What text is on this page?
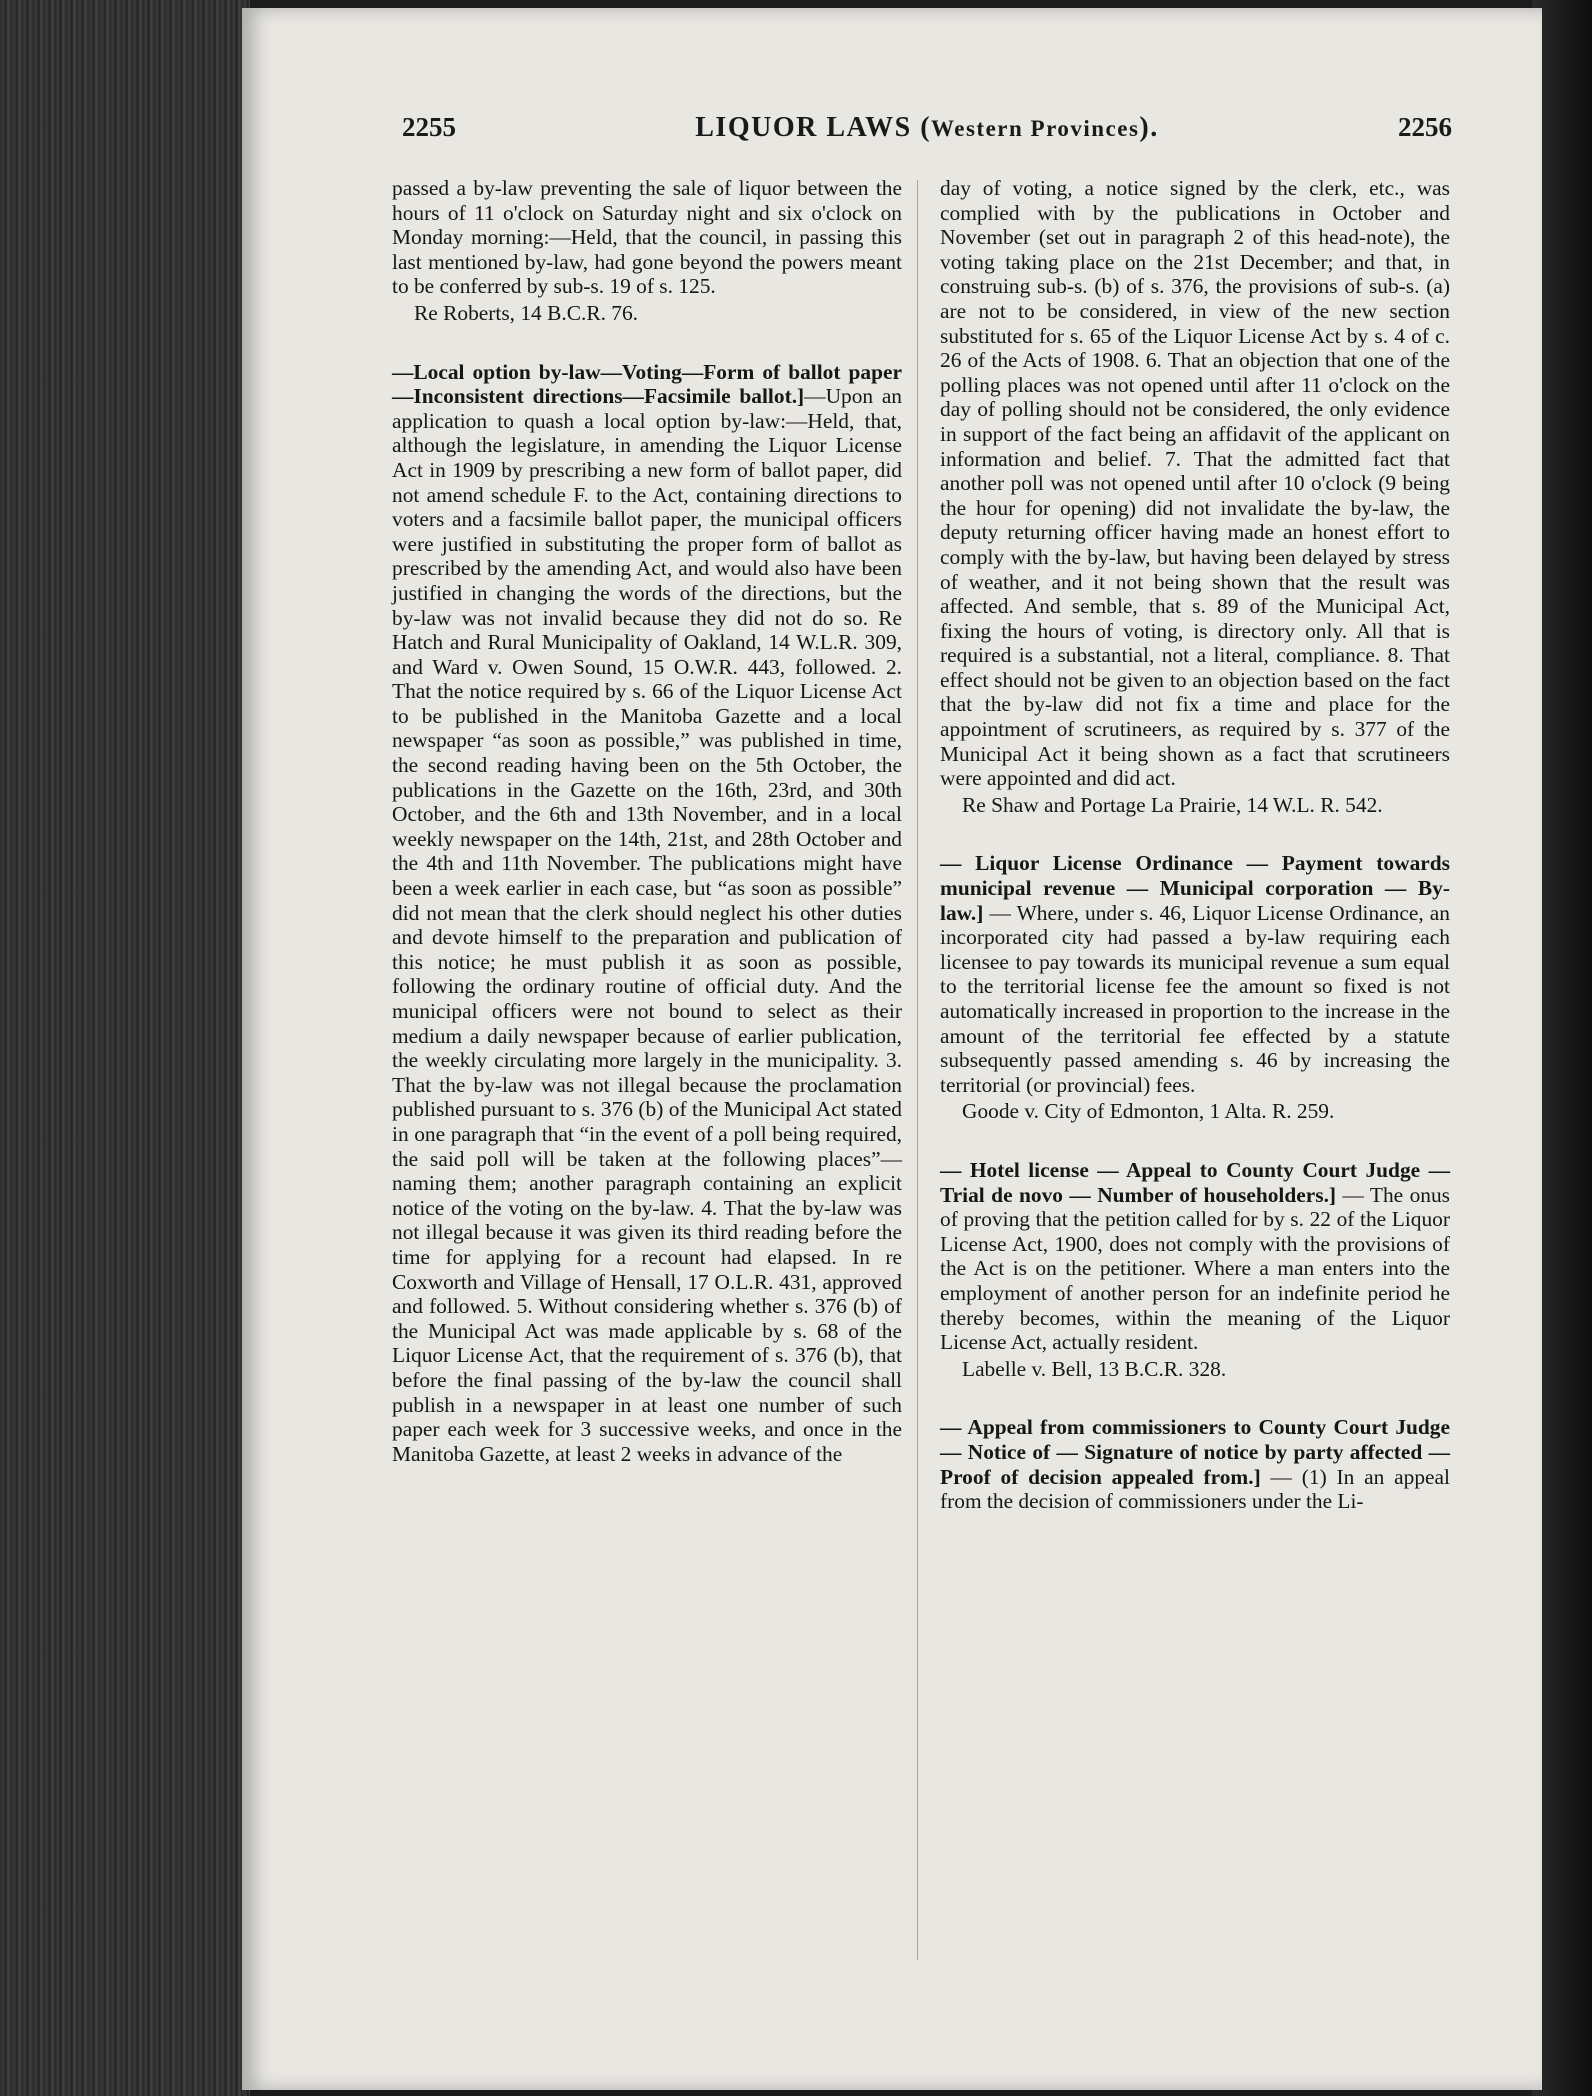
2255	LIQUOR LAWS (Western Provinces).	2256

passed a by-law preventing the sale of liquor between the hours of 11 o'clock on Saturday night and six o'clock on Monday morning:—Held, that the council, in passing this last mentioned by-law, had gone beyond the powers meant to be conferred by sub-s. 19 of s. 125.
Re Roberts, 14 B.C.R. 76.

—Local option by-law—Voting—Form of ballot paper—Inconsistent directions—Facsimile ballot.]—Upon an application to quash a local option by-law:—Held, that, although the legislature, in amending the Liquor License Act in 1909 by prescribing a new form of ballot paper, did not amend schedule F. to the Act, containing directions to voters and a facsimile ballot paper, the municipal officers were justified in substituting the proper form of ballot as prescribed by the amending Act, and would also have been justified in changing the words of the directions, but the by-law was not invalid because they did not do so. Re Hatch and Rural Municipality of Oakland, 14 W.L.R. 309, and Ward v. Owen Sound, 15 O.W.R. 443, followed. 2. That the notice required by s. 66 of the Liquor License Act to be published in the Manitoba Gazette and a local newspaper “as soon as possible,” was published in time, the second reading having been on the 5th October, the publications in the Gazette on the 16th, 23rd, and 30th October, and the 6th and 13th November, and in a local weekly newspaper on the 14th, 21st, and 28th October and the 4th and 11th November. The publications might have been a week earlier in each case, but “as soon as possible” did not mean that the clerk should neglect his other duties and devote himself to the preparation and publication of this notice; he must publish it as soon as possible, following the ordinary routine of official duty. And the municipal officers were not bound to select as their medium a daily newspaper because of earlier publication, the weekly circulating more largely in the municipality. 3. That the by-law was not illegal because the proclamation published pursuant to s. 376 (b) of the Municipal Act stated in one paragraph that “in the event of a poll being required, the said poll will be taken at the following places”—naming them; another paragraph containing an explicit notice of the voting on the by-law. 4. That the by-law was not illegal because it was given its third reading before the time for applying for a recount had elapsed. In re Coxworth and Village of Hensall, 17 O.L.R. 431, approved and followed. 5. Without considering whether s. 376 (b) of the Municipal Act was made applicable by s. 68 of the Liquor License Act, that the requirement of s. 376 (b), that before the final passing of the by-law the council shall publish in a newspaper in at least one number of such paper each week for 3 successive weeks, and once in the Manitoba Gazette, at least 2 weeks in advance of the

day of voting, a notice signed by the clerk, etc., was complied with by the publications in October and November (set out in paragraph 2 of this head-note), the voting taking place on the 21st December; and that, in construing sub-s. (b) of s. 376, the provisions of sub-s. (a) are not to be considered, in view of the new section substituted for s. 65 of the Liquor License Act by s. 4 of c. 26 of the Acts of 1908. 6. That an objection that one of the polling places was not opened until after 11 o'clock on the day of polling should not be considered, the only evidence in support of the fact being an affidavit of the applicant on information and belief. 7. That the admitted fact that another poll was not opened until after 10 o'clock (9 being the hour for opening) did not invalidate the by-law, the deputy returning officer having made an honest effort to comply with the by-law, but having been delayed by stress of weather, and it not being shown that the result was affected. And semble, that s. 89 of the Municipal Act, fixing the hours of voting, is directory only. All that is required is a substantial, not a literal, compliance. 8. That effect should not be given to an objection based on the fact that the by-law did not fix a time and place for the appointment of scrutineers, as required by s. 377 of the Municipal Act it being shown as a fact that scrutineers were appointed and did act.
Re Shaw and Portage La Prairie, 14 W.L. R. 542.

— Liquor License Ordinance — Payment towards municipal revenue — Municipal corporation — By-law.] — Where, under s. 46, Liquor License Ordinance, an incorporated city had passed a by-law requiring each licensee to pay towards its municipal revenue a sum equal to the territorial license fee the amount so fixed is not automatically increased in proportion to the increase in the amount of the territorial fee effected by a statute subsequently passed amending s. 46 by increasing the territorial (or provincial) fees.
Goode v. City of Edmonton, 1 Alta. R. 259.

— Hotel license — Appeal to County Court Judge — Trial de novo — Number of householders.] — The onus of proving that the petition called for by s. 22 of the Liquor License Act, 1900, does not comply with the provisions of the Act is on the petitioner. Where a man enters into the employment of another person for an indefinite period he thereby becomes, within the meaning of the Liquor License Act, actually resident.
Labelle v. Bell, 13 B.C.R. 328.

— Appeal from commissioners to County Court Judge — Notice of — Signature of notice by party affected — Proof of decision appealed from.] — (1) In an appeal from the decision of commissioners under the Li-
